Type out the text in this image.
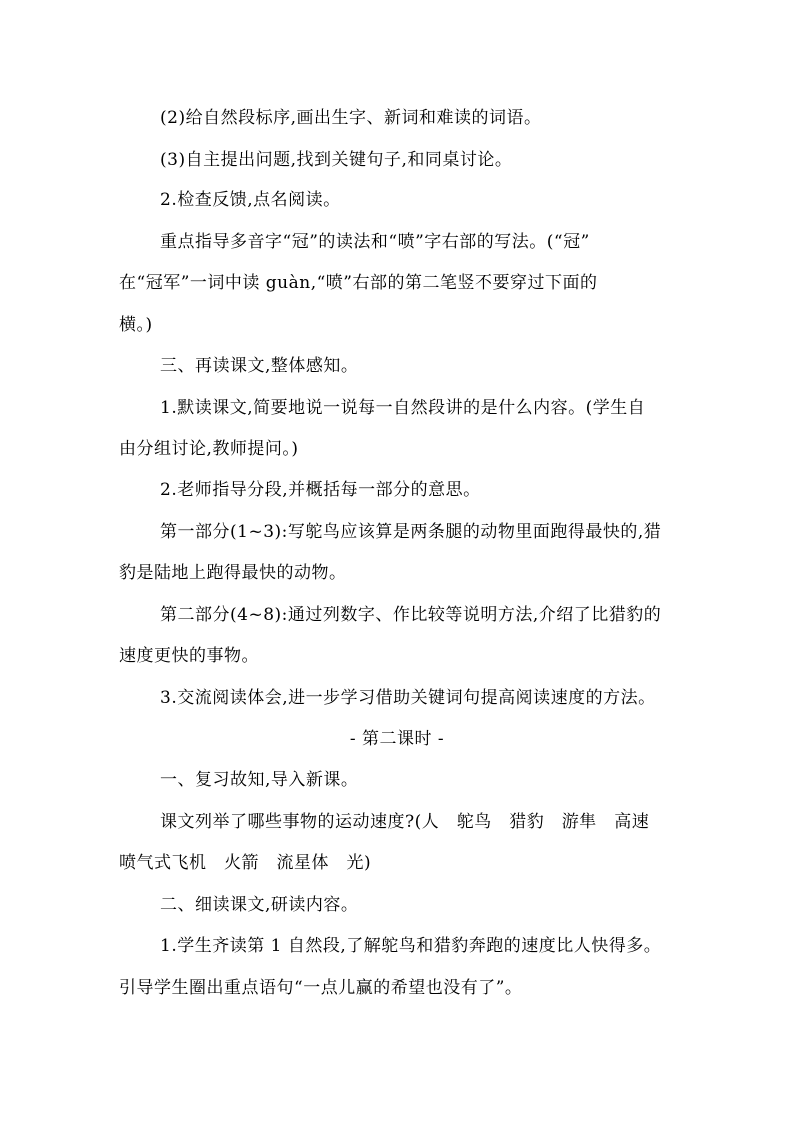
(2)给自然段标序,画出生字、新词和难读的词语。
(3)自主提出问题,找到关键句子,和同桌讨论。
2.检查反馈,点名阅读。
重点指导多音字“冠”的读法和“喷”字右部的写法。(“冠”
在“冠军”一词中读 guàn,“喷”右部的第二笔竖不要穿过下面的
横。)
三、再读课文,整体感知。
1.默读课文,简要地说一说每一自然段讲的是什么内容。(学生自
由分组讨论,教师提问。)
2.老师指导分段,并概括每一部分的意思。
第一部分(1~3):写鸵鸟应该算是两条腿的动物里面跑得最快的,猎
豹是陆地上跑得最快的动物。
第二部分(4~8):通过列数字、作比较等说明方法,介绍了比猎豹的
速度更快的事物。
3.交流阅读体会,进一步学习借助关键词句提高阅读速度的方法。
- 第二课时 -
一、复习故知,导入新课。
课文列举了哪些事物的运动速度?(人　鸵鸟　猎豹　游隼　高速
喷气式飞机　火箭　流星体　光)
二、细读课文,研读内容。
1.学生齐读第 1 自然段,了解鸵鸟和猎豹奔跑的速度比人快得多。
引导学生圈出重点语句“一点儿赢的希望也没有了”。
